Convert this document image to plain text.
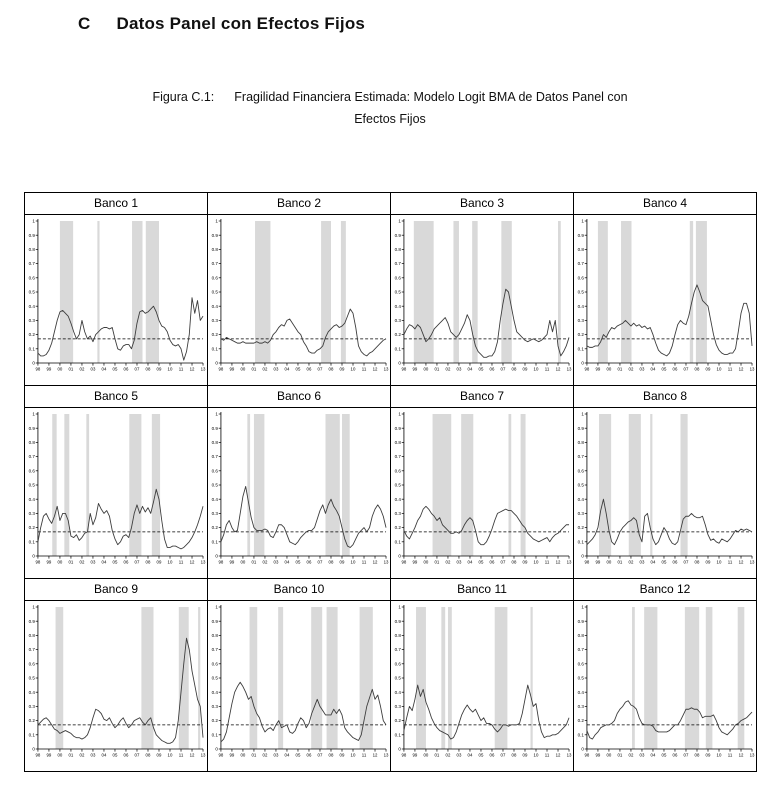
C Datos Panel con Efectos Fijos
Figura C.1: Fragilidad Financiera Estimada: Modelo Logit BMA de Datos Panel con
Efectos Fijos
Banco 1	Banco 2	Banco 3	Banco 4
0
0.1
0.2
0.3
0.4
0.5
0.6
0.7
0.8
0.9
1
98 99 00 01 02 03 04 05 06 07 08 09 10 11 12 13
0
0.1
0.2
0.3
0.4
0.5
0.6
0.7
0.8
0.9
1
98 99 00 01 02 03 04 05 06 07 08 09 10 11 12 13
0
0.1
0.2
0.3
0.4
0.5
0.6
0.7
0.8
0.9
1
98 99 00 01 02 03 04 05 06 07 08 09 10 11 12 13
0
0.1
0.2
0.3
0.4
0.5
0.6
0.7
0.8
0.9
1
98 99 00 01 02 03 04 05 06 07 08 09 10 11 12 13
Banco 5	Banco 6	Banco 7	Banco 8
0
0.1
0.2
0.3
0.4
0.5
0.6
0.7
0.8
0.9
1
98 99 00 01 02 03 04 05 06 07 08 09 10 11 12 13
0
0.1
0.2
0.3
0.4
0.5
0.6
0.7
0.8
0.9
1
98 99 00 01 02 03 04 05 06 07 08 09 10 11 12 13
0
0.1
0.2
0.3
0.4
0.5
0.6
0.7
0.8
0.9
1
98 99 00 01 02 03 04 05 06 07 08 09 10 11 12 13
0
0.1
0.2
0.3
0.4
0.5
0.6
0.7
0.8
0.9
1
98 99 00 01 02 03 04 05 06 07 08 09 10 11 12 13
Banco 9	Banco 10	Banco 11	Banco 12
0
0.1
0.2
0.3
0.4
0.5
0.6
0.7
0.8
0.9
1
98 99 00 01 02 03 04 05 06 07 08 09 10 11 12 13
0
0.1
0.2
0.3
0.4
0.5
0.6
0.7
0.8
0.9
1
98 99 00 01 02 03 04 05 06 07 08 09 10 11 12 13
0
0.1
0.2
0.3
0.4
0.5
0.6
0.7
0.8
0.9
1
98 99 00 01 02 03 04 05 06 07 08 09 10 11 12 13
0
0.1
0.2
0.3
0.4
0.5
0.6
0.7
0.8
0.9
1
98 99 00 01 02 03 04 05 06 07 08 09 10 11 12 13
